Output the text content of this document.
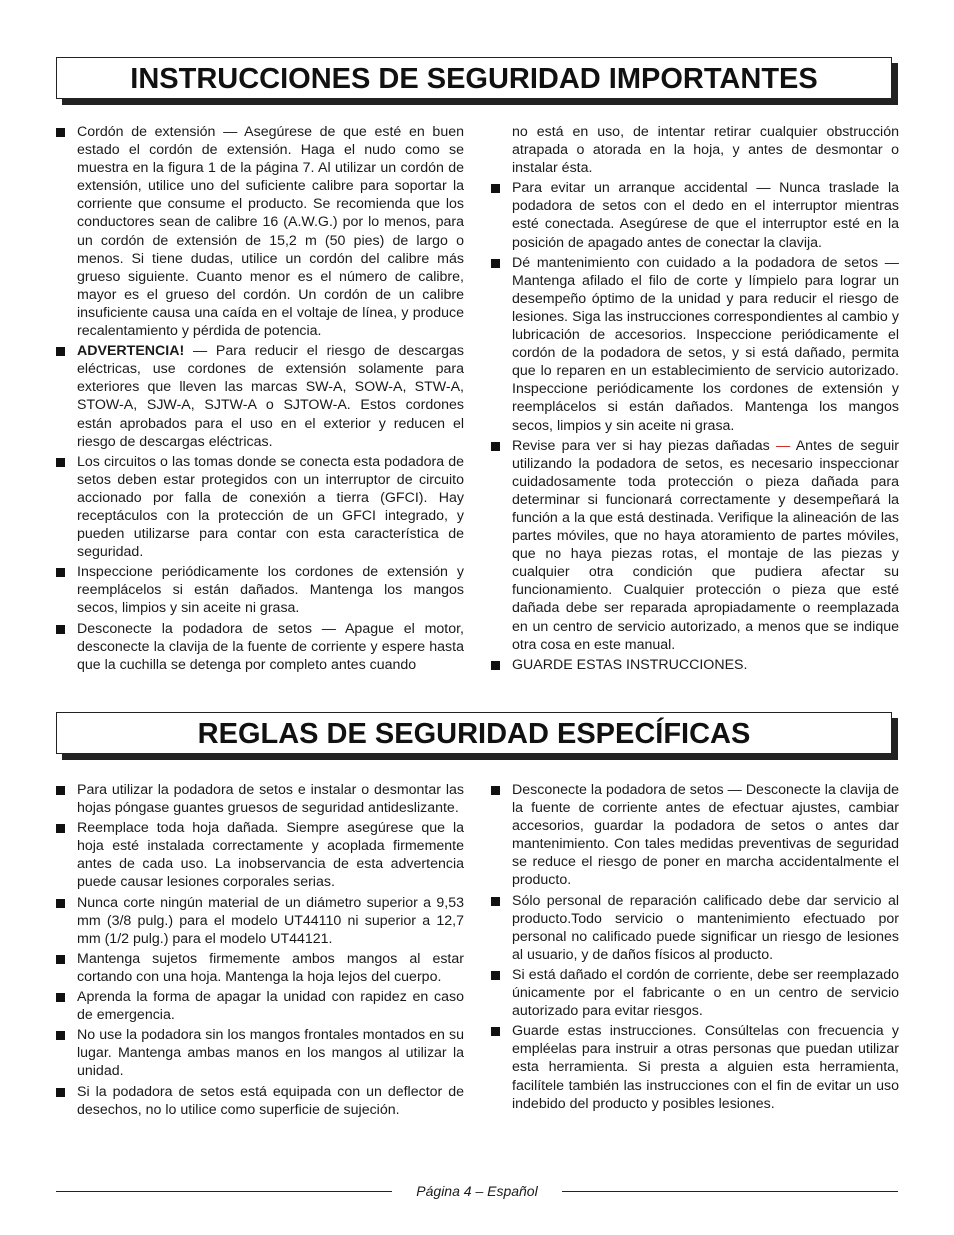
INSTRUCCIONES DE SEGURIDAD IMPORTANTES
Cordón de extensión — Asegúrese de que esté en buen estado el cordón de extensión. Haga el nudo como se muestra en la figura 1 de la página 7. Al utilizar un cordón de extensión, utilice uno del suficiente calibre para soportar la corriente que consume el producto. Se recomienda que los conductores sean de calibre 16 (A.W.G.) por lo menos, para un cordón de extensión de 15,2 m (50 pies) de largo o menos. Si tiene dudas, utilice un cordón del calibre más grueso siguiente. Cuanto menor es el número de calibre, mayor es el grueso del cordón. Un cordón de un calibre insuficiente causa una caída en el voltaje de línea, y produce recalentamiento y pérdida de potencia.
ADVERTENCIA! — Para reducir el riesgo de descargas eléctricas, use cordones de extensión solamente para exteriores que lleven las marcas SW-A, SOW-A, STW-A, STOW-A, SJW-A, SJTW-A o SJTOW-A. Estos cordones están aprobados para el uso en el exterior y reducen el riesgo de descargas eléctricas.
Los circuitos o las tomas donde se conecta esta podadora de setos deben estar protegidos con un interruptor de circuito accionado por falla de conexión a tierra (GFCI). Hay receptáculos con la protección de un GFCI integrado, y pueden utilizarse para contar con esta característica de seguridad.
Inspeccione periódicamente los cordones de extensión y reemplácelos si están dañados. Mantenga los mangos secos, limpios y sin aceite ni grasa.
Desconecte la podadora de setos — Apague el motor, desconecte la clavija de la fuente de corriente y espere hasta que la cuchilla se detenga por completo antes cuando
no está en uso, de intentar retirar cualquier obstrucción atrapada o atorada en la hoja, y antes de desmontar o instalar ésta.
Para evitar un arranque accidental — Nunca traslade la podadora de setos con el dedo en el interruptor mientras esté conectada. Asegúrese de que el interruptor esté en la posición de apagado antes de conectar la clavija.
Dé mantenimiento con cuidado a la podadora de setos — Mantenga afilado el filo de corte y límpielo para lograr un desempeño óptimo de la unidad y para reducir el riesgo de lesiones. Siga las instrucciones correspondientes al cambio y lubricación de accesorios. Inspeccione periódicamente el cordón de la podadora de setos, y si está dañado, permita que lo reparen en un establecimiento de servicio autorizado. Inspeccione periódicamente los cordones de extensión y reemplácelos si están dañados. Mantenga los mangos secos, limpios y sin aceite ni grasa.
Revise para ver si hay piezas dañadas — Antes de seguir utilizando la podadora de setos, es necesario inspeccionar cuidadosamente toda protección o pieza dañada para determinar si funcionará correctamente y desempeñará la función a la que está destinada. Verifique la alineación de las partes móviles, que no haya atoramiento de partes móviles, que no haya piezas rotas, el montaje de las piezas y cualquier otra condición que pudiera afectar su funcionamiento. Cualquier protección o pieza que esté dañada debe ser reparada apropiadamente o reemplazada en un centro de servicio autorizado, a menos que se indique otra cosa en este manual.
GUARDE ESTAS INSTRUCCIONES.
REGLAS DE SEGURIDAD ESPECÍFICAS
Para utilizar la podadora de setos e instalar o desmontar las hojas póngase guantes gruesos de seguridad antideslizante.
Reemplace toda hoja dañada. Siempre asegúrese que la hoja esté instalada correctamente y acoplada firmemente antes de cada uso. La inobservancia de esta advertencia puede causar lesiones corporales serias.
Nunca corte ningún material de un diámetro superior a 9,53 mm (3/8 pulg.) para el modelo UT44110 ni superior a 12,7 mm (1/2 pulg.) para el modelo UT44121.
Mantenga sujetos firmemente ambos mangos al estar cortando con una hoja. Mantenga la hoja lejos del cuerpo.
Aprenda la forma de apagar la unidad con rapidez en caso de emergencia.
No use la podadora sin los mangos frontales montados en su lugar. Mantenga ambas manos en los mangos al utilizar la unidad.
Si la podadora de setos está equipada con un deflector de desechos, no lo utilice como superficie de sujeción.
Desconecte la podadora de setos — Desconecte la clavija de la fuente de corriente antes de efectuar ajustes, cambiar accesorios, guardar la podadora de setos o antes dar mantenimiento. Con tales medidas preventivas de seguridad se reduce el riesgo de poner en marcha accidentalmente el producto.
Sólo personal de reparación calificado debe dar servicio al producto.Todo servicio o mantenimiento efectuado por personal no calificado puede significar un riesgo de lesiones al usuario, y de daños físicos al producto.
Si está dañado el cordón de corriente, debe ser reemplazado únicamente por el fabricante o en un centro de servicio autorizado para evitar riesgos.
Guarde estas instrucciones. Consúltelas con frecuencia y empléelas para instruir a otras personas que puedan utilizar esta herramienta. Si presta a alguien esta herramienta, facilítele también las instrucciones con el fin de evitar un uso indebido del producto y posibles lesiones.
Página 4 – Español
